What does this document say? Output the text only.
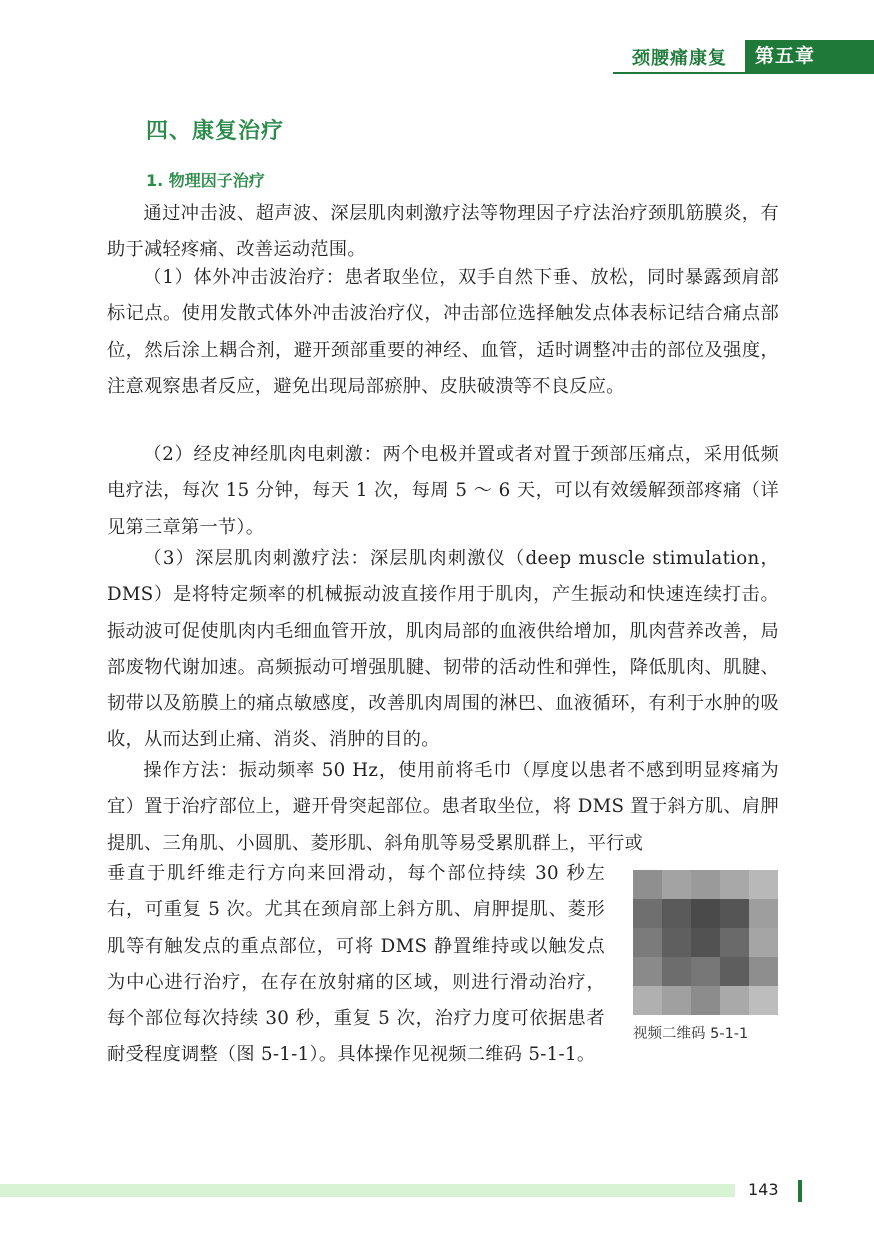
颈腰痛康复	第五章
四、康复治疗
1. 物理因子治疗

通过冲击波、超声波、深层肌肉刺激疗法等物理因子疗法治疗颈肌筋膜炎，有助于减轻疼痛、改善运动范围。

（1）体外冲击波治疗：患者取坐位，双手自然下垂、放松，同时暴露颈肩部标记点。使用发散式体外冲击波治疗仪，冲击部位选择触发点体表标记结合痛点部位，然后涂上耦合剂，避开颈部重要的神经、血管，适时调整冲击的部位及强度，注意观察患者反应，避免出现局部瘀肿、皮肤破溃等不良反应。

（2）经皮神经肌肉电刺激：两个电极并置或者对置于颈部压痛点，采用低频电疗法，每次 15 分钟，每天 1 次，每周 5 ～ 6 天，可以有效缓解颈部疼痛（详见第三章第一节）。

（3）深层肌肉刺激疗法：深层肌肉刺激仪（deep muscle stimulation，DMS）是将特定频率的机械振动波直接作用于肌肉，产生振动和快速连续打击。振动波可促使肌肉内毛细血管开放，肌肉局部的血液供给增加，肌肉营养改善，局部废物代谢加速。高频振动可增强肌腱、韧带的活动性和弹性，降低肌肉、肌腱、韧带以及筋膜上的痛点敏感度，改善肌肉周围的淋巴、血液循环，有利于水肿的吸收，从而达到止痛、消炎、消肿的目的。

操作方法：振动频率 50 Hz，使用前将毛巾（厚度以患者不感到明显疼痛为宜）置于治疗部位上，避开骨突起部位。患者取坐位，将 DMS 置于斜方肌、肩胛提肌、三角肌、小圆肌、菱形肌、斜角肌等易受累肌群上，平行或

垂直于肌纤维走行方向来回滑动，每个部位持续 30 秒左右，可重复 5 次。尤其在颈肩部上斜方肌、肩胛提肌、菱形肌等有触发点的重点部位，可将 DMS 静置维持或以触发点为中心进行治疗，在存在放射痛的区域，则进行滑动治疗，每个部位每次持续 30 秒，重复 5 次，治疗力度可依据患者耐受程度调整（图 5-1-1）。具体操作见视频二维码 5-1-1。

视频二维码 5-1-1
143
